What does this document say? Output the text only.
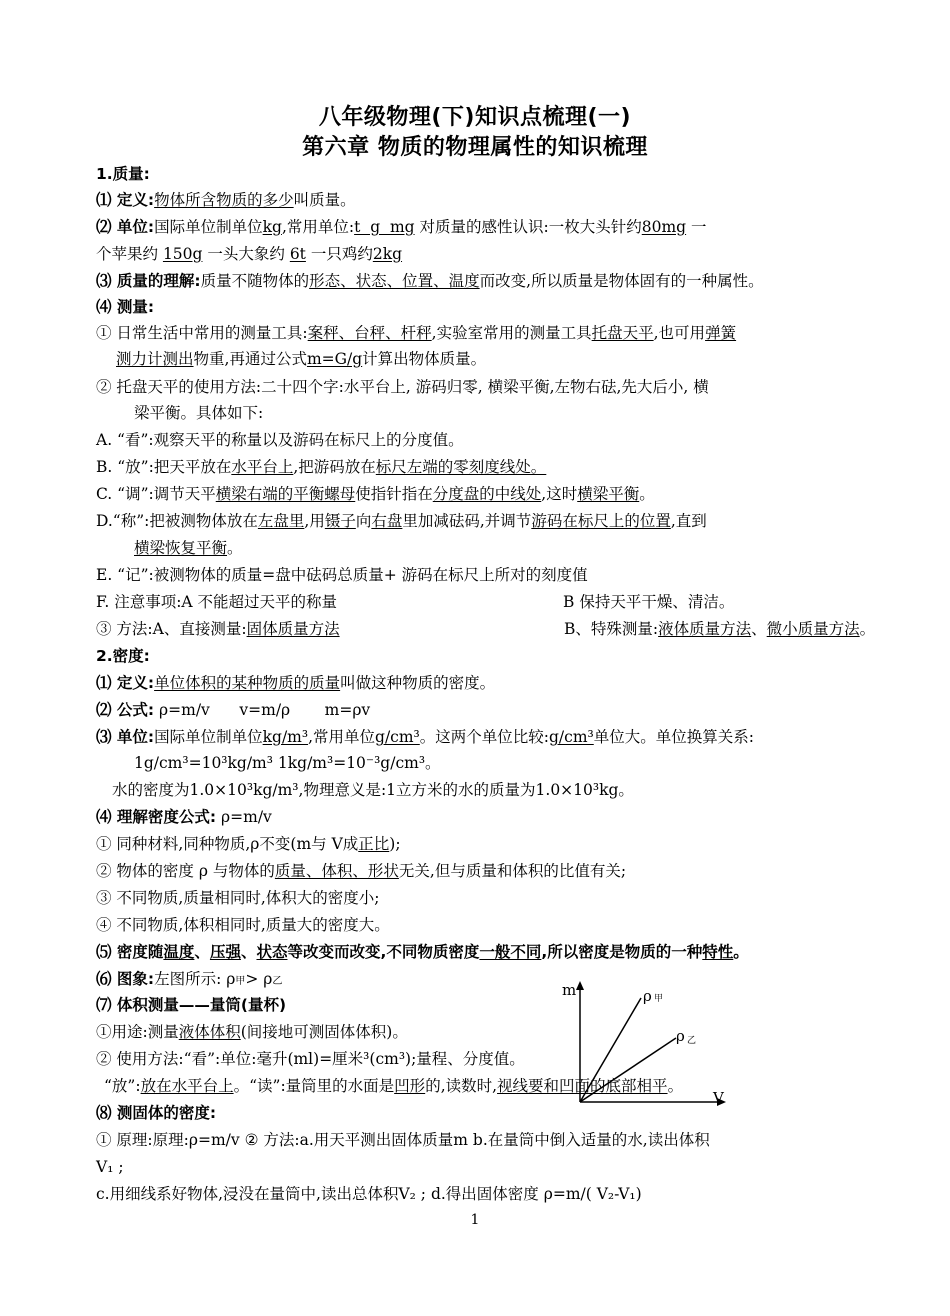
八年级物理(下)知识点梳理(一)
第六章 物质的物理属性的知识梳理
1.质量:
⑴ 定义:物体所含物质的多少叫质量。
⑵ 单位:国际单位制单位kg,常用单位:t  g  mg 对质量的感性认识:一枚大头针约80mg 一
个苹果约 150g 一头大象约 6t 一只鸡约2kg
⑶ 质量的理解:质量不随物体的形态、状态、位置、温度而改变,所以质量是物体固有的一种属性。
⑷ 测量:
① 日常生活中常用的测量工具:案秤、台秤、杆秤,实验室常用的测量工具托盘天平,也可用弹簧
测力计测出物重,再通过公式m=G/g计算出物体质量。
② 托盘天平的使用方法:二十四个字:水平台上, 游码归零, 横梁平衡,左物右砝,先大后小, 横
梁平衡。具体如下:
A. “看”:观察天平的称量以及游码在标尺上的分度值。
B. “放”:把天平放在水平台上,把游码放在标尺左端的零刻度线处。
C. “调”:调节天平横梁右端的平衡螺母使指针指在分度盘的中线处,这时横梁平衡。
D.“称”:把被测物体放在左盘里,用镊子向右盘里加减砝码,并调节游码在标尺上的位置,直到
横梁恢复平衡。
E. “记”:被测物体的质量=盘中砝码总质量+ 游码在标尺上所对的刻度值
F. 注意事项:A 不能超过天平的称量	B 保持天平干燥、清洁。
③ 方法:A、直接测量:固体质量方法	B、特殊测量:液体质量方法、微小质量方法。
2.密度:
⑴ 定义:单位体积的某种物质的质量叫做这种物质的密度。
⑵ 公式: ρ=m/v      v=m/ρ       m=ρv
⑶ 单位:国际单位制单位kg/m³,常用单位g/cm³。这两个单位比较:g/cm³单位大。单位换算关系:
1g/cm³=10³kg/m³ 1kg/m³=10⁻³g/cm³。
水的密度为1.0×10³kg/m³,物理意义是:1立方米的水的质量为1.0×10³kg。
⑷ 理解密度公式: ρ=m/v
① 同种材料,同种物质,ρ不变(m与 V成正比);
② 物体的密度 ρ 与物体的质量、体积、形状无关,但与质量和体积的比值有关;
③ 不同物质,质量相同时,体积大的密度小;
④ 不同物质,体积相同时,质量大的密度大。
⑸ 密度随温度、压强、状态等改变而改变,不同物质密度一般不同,所以密度是物质的一种特性。
⑹ 图象:左图所示: ρ甲> ρ乙
⑺ 体积测量——量筒(量杯)
①用途:测量液体体积(间接地可测固体体积)。
② 使用方法:“看”:单位:毫升(ml)=厘米³(cm³);量程、分度值。
“放”:放在水平台上。“读”:量筒里的水面是凹形的,读数时,视线要和凹面的底部相平。
⑻ 测固体的密度:
① 原理:原理:ρ=m/v ② 方法:a.用天平测出固体质量m b.在量筒中倒入适量的水,读出体积
V₁ ;
c.用细线系好物体,浸没在量筒中,读出总体积V₂ ; d.得出固体密度 ρ=m/( V₂-V₁)
m
V
ρ 甲
ρ 乙
1
